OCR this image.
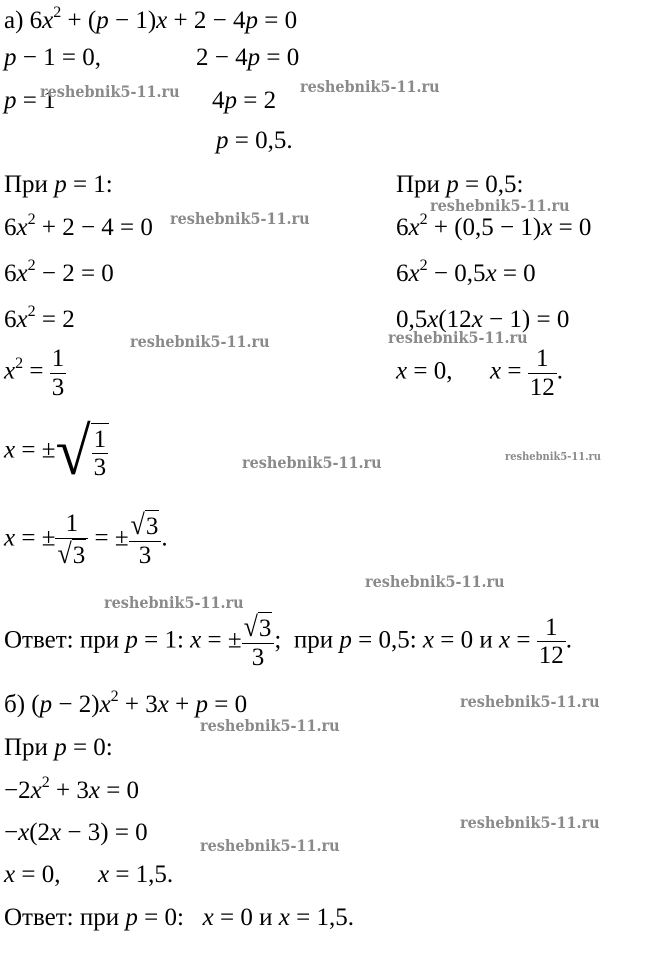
а) $6x^2 + (p - 1)x + 2 - 4p = 0$
p − 1 = 0,	2 − 4p = 0
p = 1	4p = 2
p = 0,5.
При p = 1:	При p = 0,5:
$6x^2 + 2 - 4 = 0$
$6x^2 - 2 = 0$
$6x^2 = 2$
$x^2 = \frac{1}{3}$
x = ±√ $\frac{1}{3}$
x = ± $\frac{1}{√3}$ = ± $\frac{√3}{3}$ .
$6x^2 + (0,5 - 1)x = 0$
$6x^2 - 0,5x = 0$
0,5x(12x − 1) = 0
x = 0,      $x = \frac{1}{12}$ .
Ответ: при p = 1: x = ± $\frac{√3}{3}$ ;  при p = 0,5: x = 0 и $x = \frac{1}{12}$ .
б) $(p - 2)x^2 + 3x + p = 0$
При p = 0:
$-2x^2 + 3x = 0$
−x(2x − 3) = 0
x = 0,      x = 1,5.
Ответ: при p = 0:   x = 0 и x = 1,5.
reshebnik5-11.ru	reshebnik5-11.ru
reshebnik5-11.ru
reshebnik5-11.ru
reshebnik5-11.ru	reshebnik5-11.ru
reshebnik5-11.ru	reshebnik5-11.ru
reshebnik5-11.ru
reshebnik5-11.ru
reshebnik5-11.ru
reshebnik5-11.ru
reshebnik5-11.ru
reshebnik5-11.ru
